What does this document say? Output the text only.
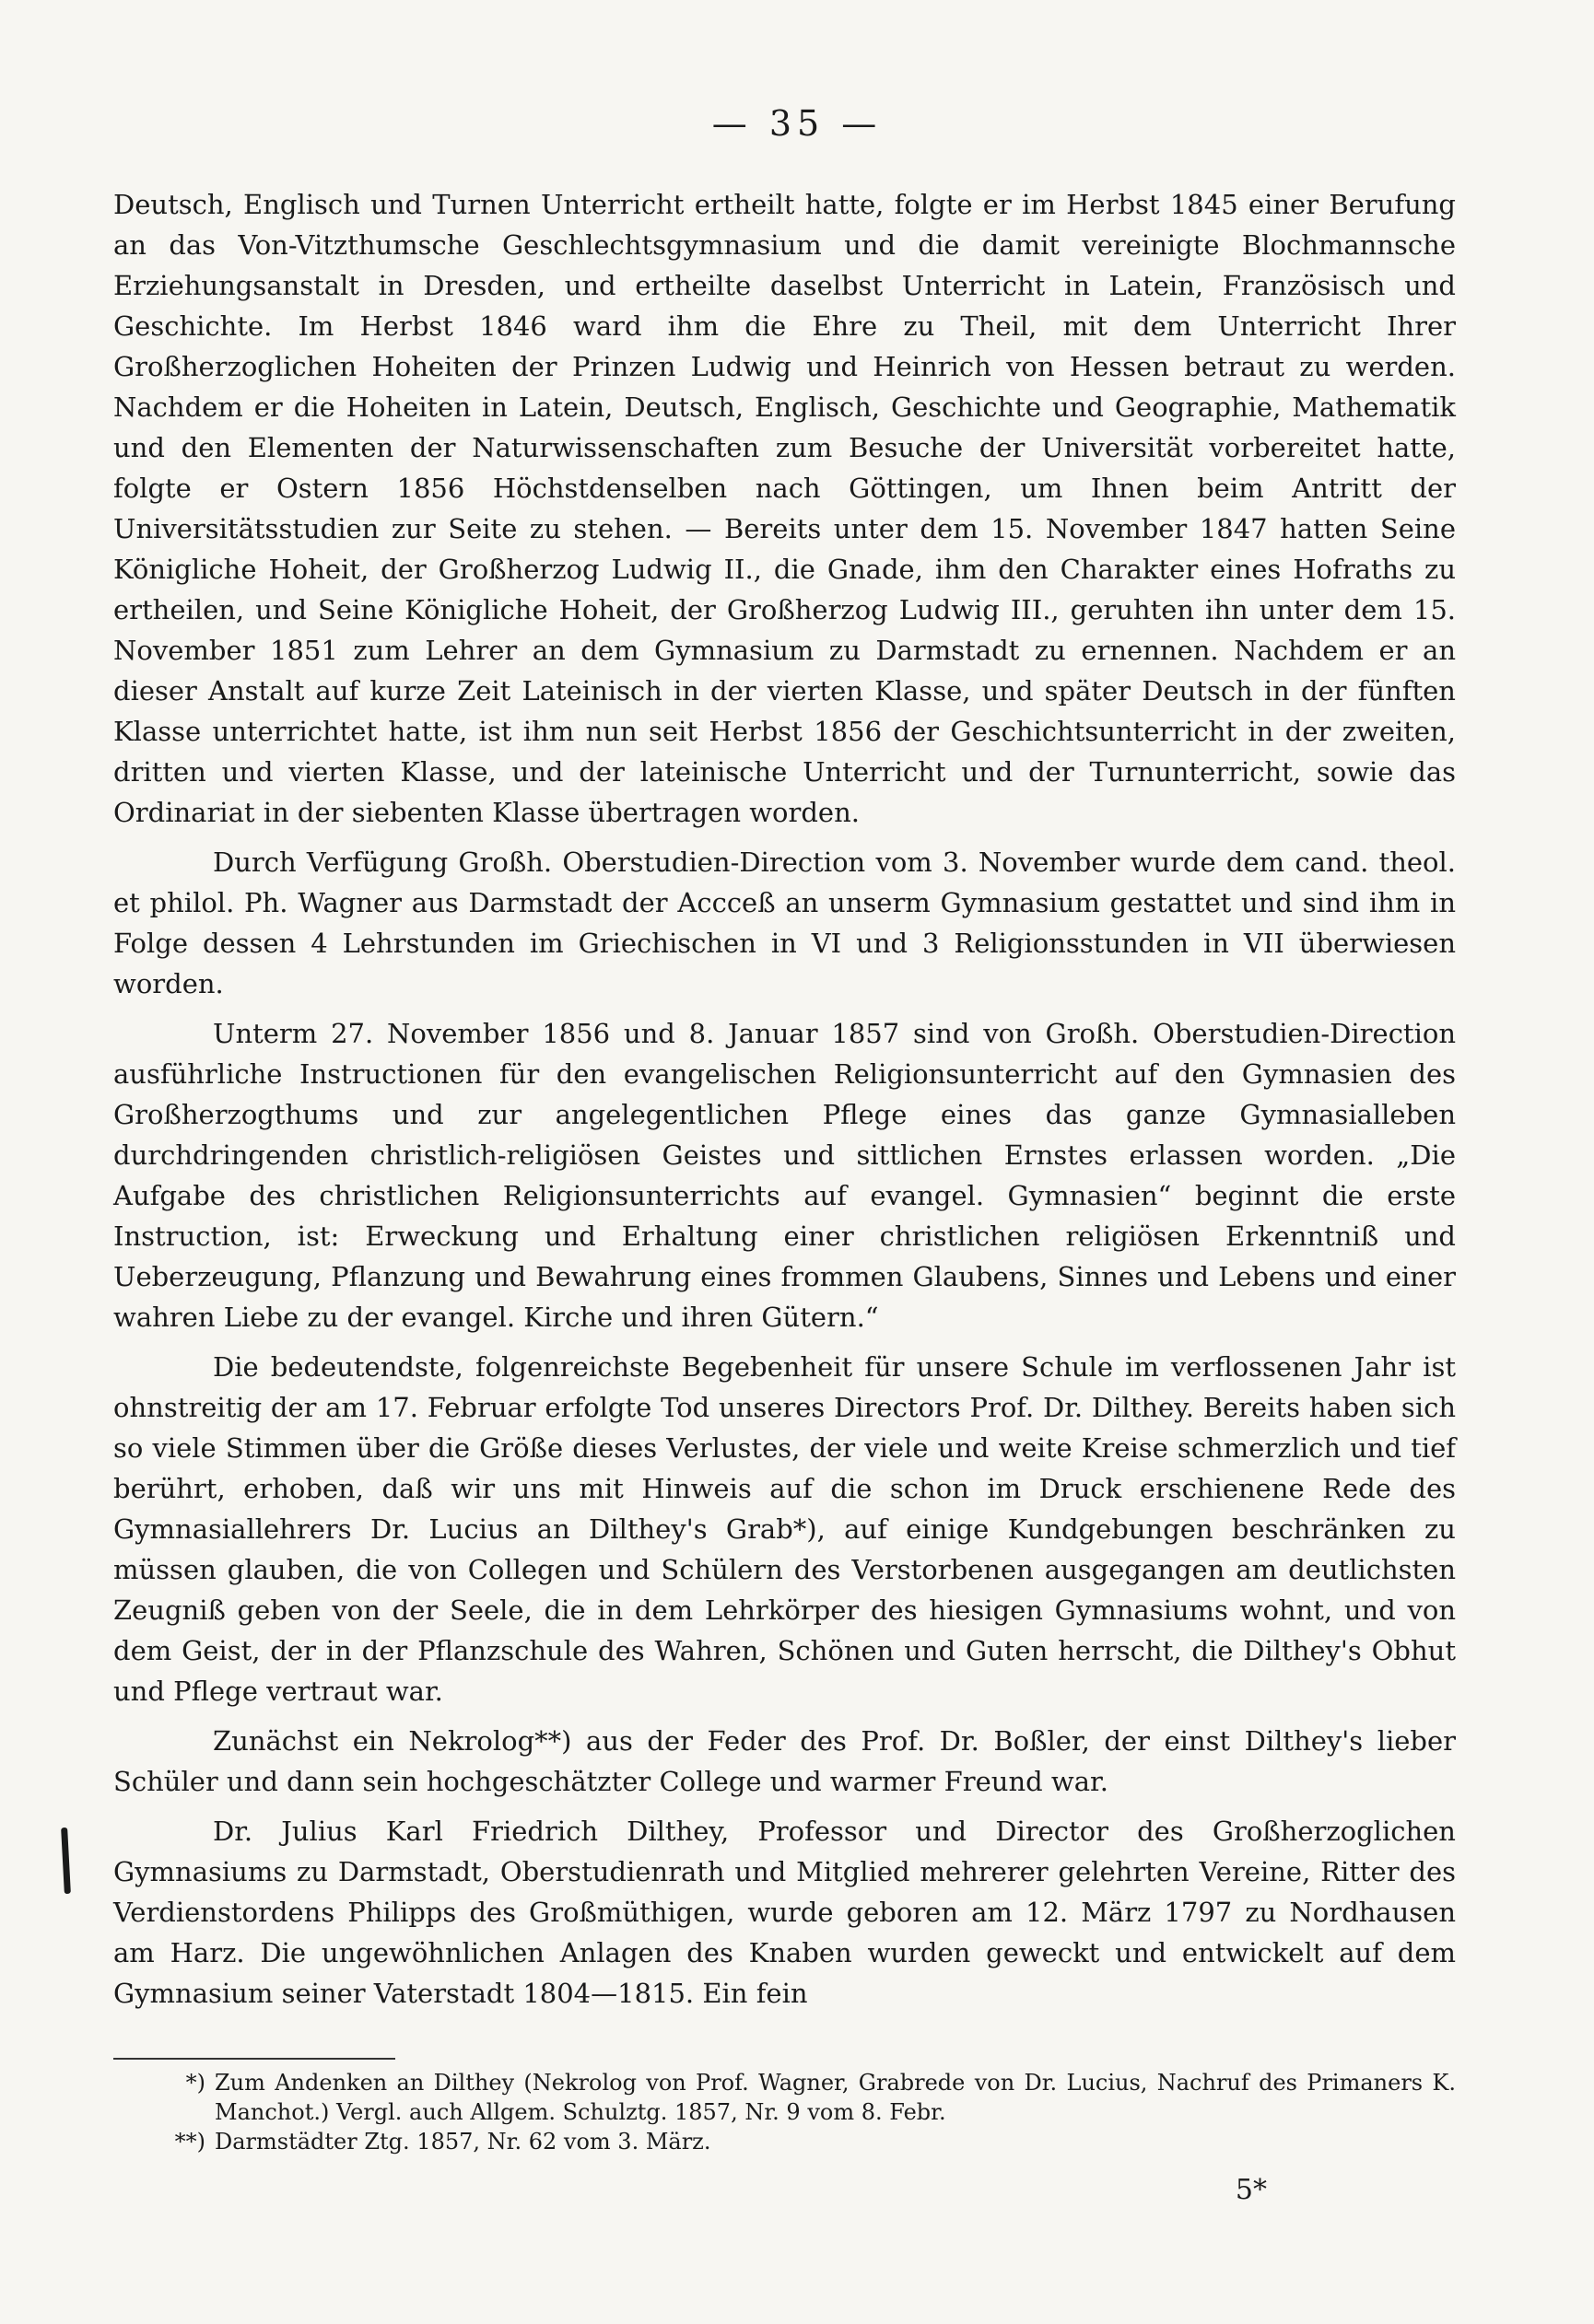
— 35 —

Deutsch, Englisch und Turnen Unterricht ertheilt hatte, folgte er im Herbst 1845 einer Berufung an das Von-Vitzthumsche Geschlechtsgymnasium und die damit vereinigte Blochmannsche Erziehungsanstalt in Dresden, und ertheilte daselbst Unterricht in Latein, Französisch und Geschichte. Im Herbst 1846 ward ihm die Ehre zu Theil, mit dem Unterricht Ihrer Großherzoglichen Hoheiten der Prinzen Ludwig und Heinrich von Hessen betraut zu werden. Nachdem er die Hoheiten in Latein, Deutsch, Englisch, Geschichte und Geographie, Mathematik und den Elementen der Naturwissenschaften zum Besuche der Universität vorbereitet hatte, folgte er Ostern 1856 Höchstdenselben nach Göttingen, um Ihnen beim Antritt der Universitätsstudien zur Seite zu stehen. — Bereits unter dem 15. November 1847 hatten Seine Königliche Hoheit, der Großherzog Ludwig II., die Gnade, ihm den Charakter eines Hofraths zu ertheilen, und Seine Königliche Hoheit, der Großherzog Ludwig III., geruhten ihn unter dem 15. November 1851 zum Lehrer an dem Gymnasium zu Darmstadt zu ernennen. Nachdem er an dieser Anstalt auf kurze Zeit Lateinisch in der vierten Klasse, und später Deutsch in der fünften Klasse unterrichtet hatte, ist ihm nun seit Herbst 1856 der Geschichtsunterricht in der zweiten, dritten und vierten Klasse, und der lateinische Unterricht und der Turnunterricht, sowie das Ordinariat in der siebenten Klasse übertragen worden.

Durch Verfügung Großh. Oberstudien-Direction vom 3. November wurde dem cand. theol. et philol. Ph. Wagner aus Darmstadt der Accceß an unserm Gymnasium gestattet und sind ihm in Folge dessen 4 Lehrstunden im Griechischen in VI und 3 Religionsstunden in VII überwiesen worden.

Unterm 27. November 1856 und 8. Januar 1857 sind von Großh. Oberstudien-Direction ausführliche Instructionen für den evangelischen Religionsunterricht auf den Gymnasien des Großherzogthums und zur angelegentlichen Pflege eines das ganze Gymnasialleben durchdringenden christlich-religiösen Geistes und sittlichen Ernstes erlassen worden. „Die Aufgabe des christlichen Religionsunterrichts auf evangel. Gymnasien“ beginnt die erste Instruction, ist: Erweckung und Erhaltung einer christlichen religiösen Erkenntniß und Ueberzeugung, Pflanzung und Bewahrung eines frommen Glaubens, Sinnes und Lebens und einer wahren Liebe zu der evangel. Kirche und ihren Gütern.“

Die bedeutendste, folgenreichste Begebenheit für unsere Schule im verflossenen Jahr ist ohnstreitig der am 17. Februar erfolgte Tod unseres Directors Prof. Dr. Dilthey. Bereits haben sich so viele Stimmen über die Größe dieses Verlustes, der viele und weite Kreise schmerzlich und tief berührt, erhoben, daß wir uns mit Hinweis auf die schon im Druck erschienene Rede des Gymnasiallehrers Dr. Lucius an Dilthey's Grab*), auf einige Kundgebungen beschränken zu müssen glauben, die von Collegen und Schülern des Verstorbenen ausgegangen am deutlichsten Zeugniß geben von der Seele, die in dem Lehrkörper des hiesigen Gymnasiums wohnt, und von dem Geist, der in der Pflanzschule des Wahren, Schönen und Guten herrscht, die Dilthey's Obhut und Pflege vertraut war.

Zunächst ein Nekrolog**) aus der Feder des Prof. Dr. Boßler, der einst Dilthey's lieber Schüler und dann sein hochgeschätzter College und warmer Freund war.

Dr. Julius Karl Friedrich Dilthey, Professor und Director des Großherzoglichen Gymnasiums zu Darmstadt, Oberstudienrath und Mitglied mehrerer gelehrten Vereine, Ritter des Verdienstordens Philipps des Großmüthigen, wurde geboren am 12. März 1797 zu Nordhausen am Harz. Die ungewöhnlichen Anlagen des Knaben wurden geweckt und entwickelt auf dem Gymnasium seiner Vaterstadt 1804—1815. Ein fein

*) Zum Andenken an Dilthey (Nekrolog von Prof. Wagner, Grabrede von Dr. Lucius, Nachruf des Primaners K. Manchot.) Vergl. auch Allgem. Schulztg. 1857, Nr. 9 vom 8. Febr.

**) Darmstädter Ztg. 1857, Nr. 62 vom 3. März.

5*
